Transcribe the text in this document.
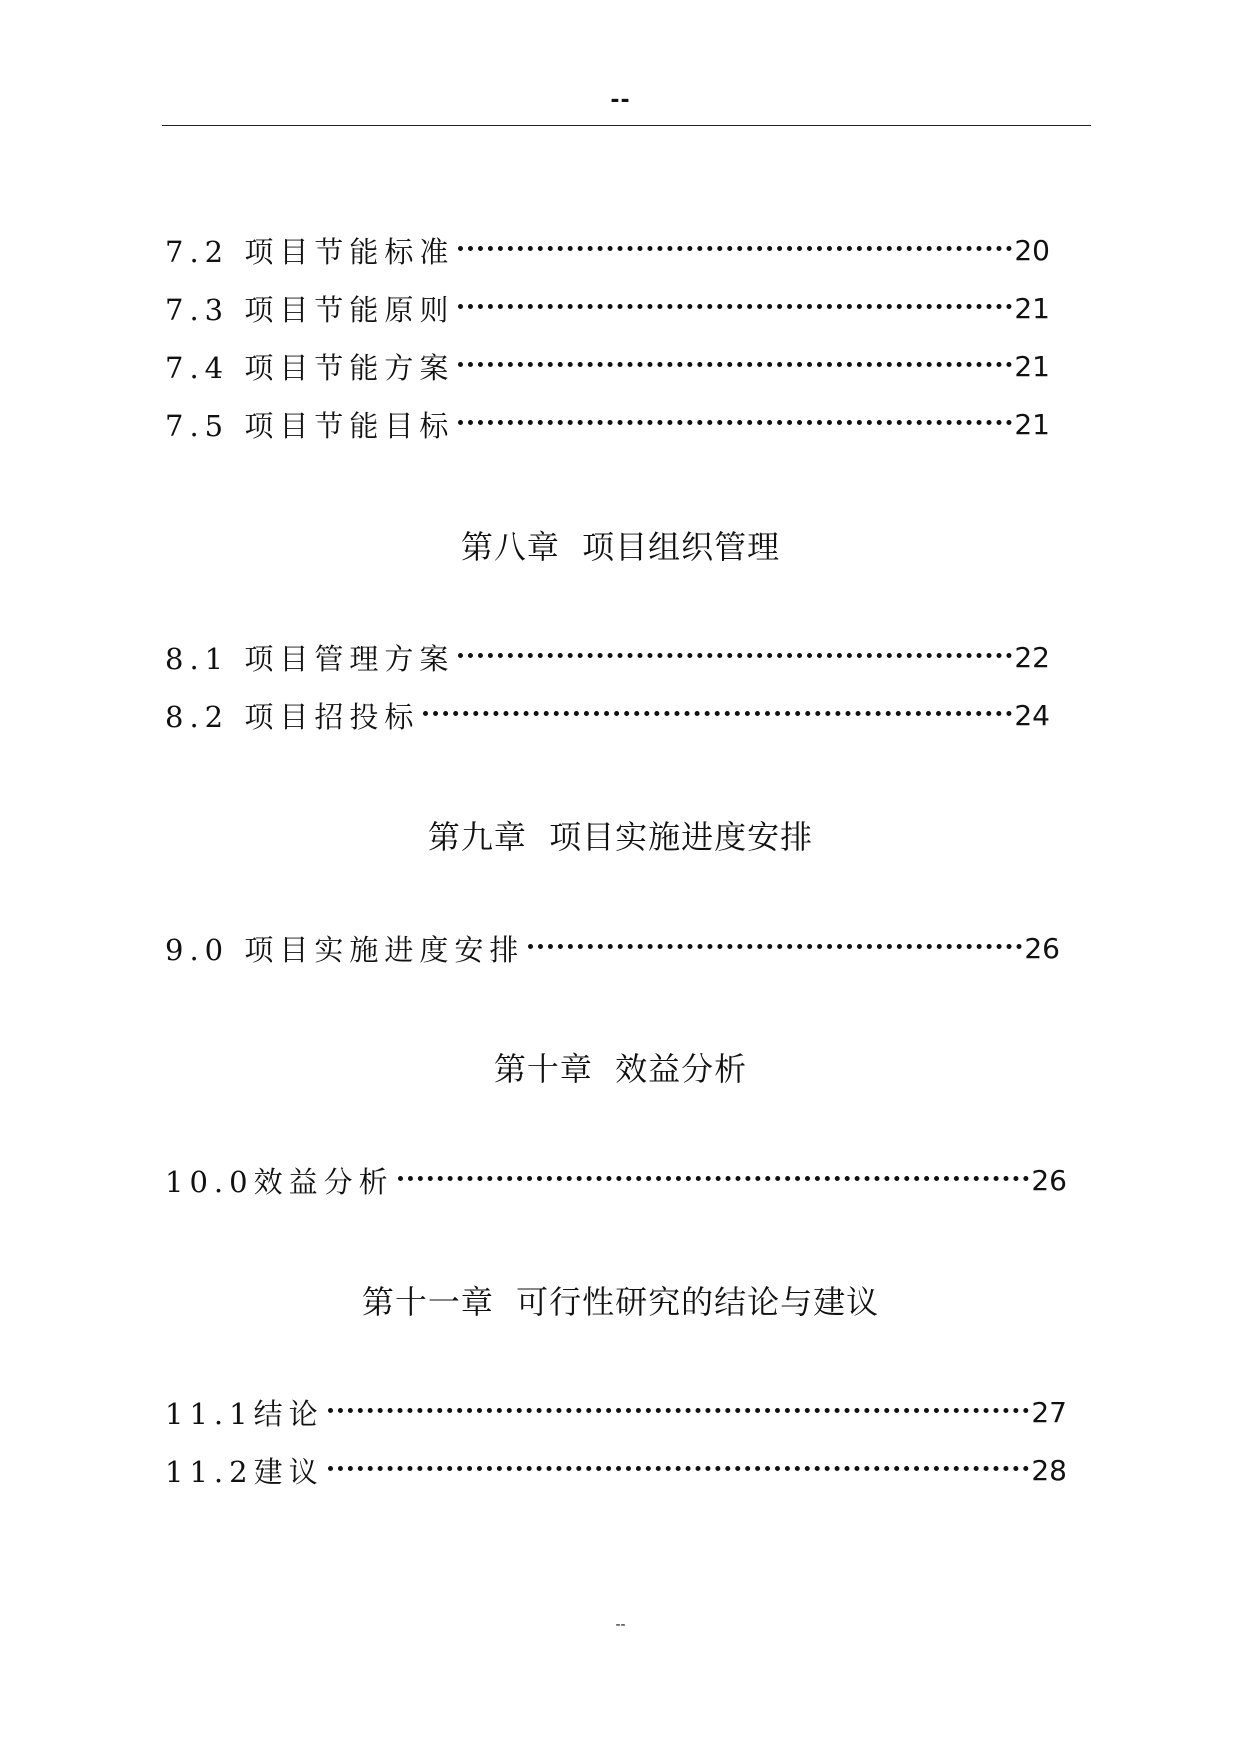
--
7.2 项目节能标准	20
7.3 项目节能原则	21
7.4 项目节能方案	21
7.5 项目节能目标	21
第八章  项目组织管理
8.1 项目管理方案	22
8.2 项目招投标	24
第九章  项目实施进度安排
9.0 项目实施进度安排	26
第十章  效益分析
10.0效益分析	26
第十一章  可行性研究的结论与建议
11.1结论	27
11.2建议	28
--
